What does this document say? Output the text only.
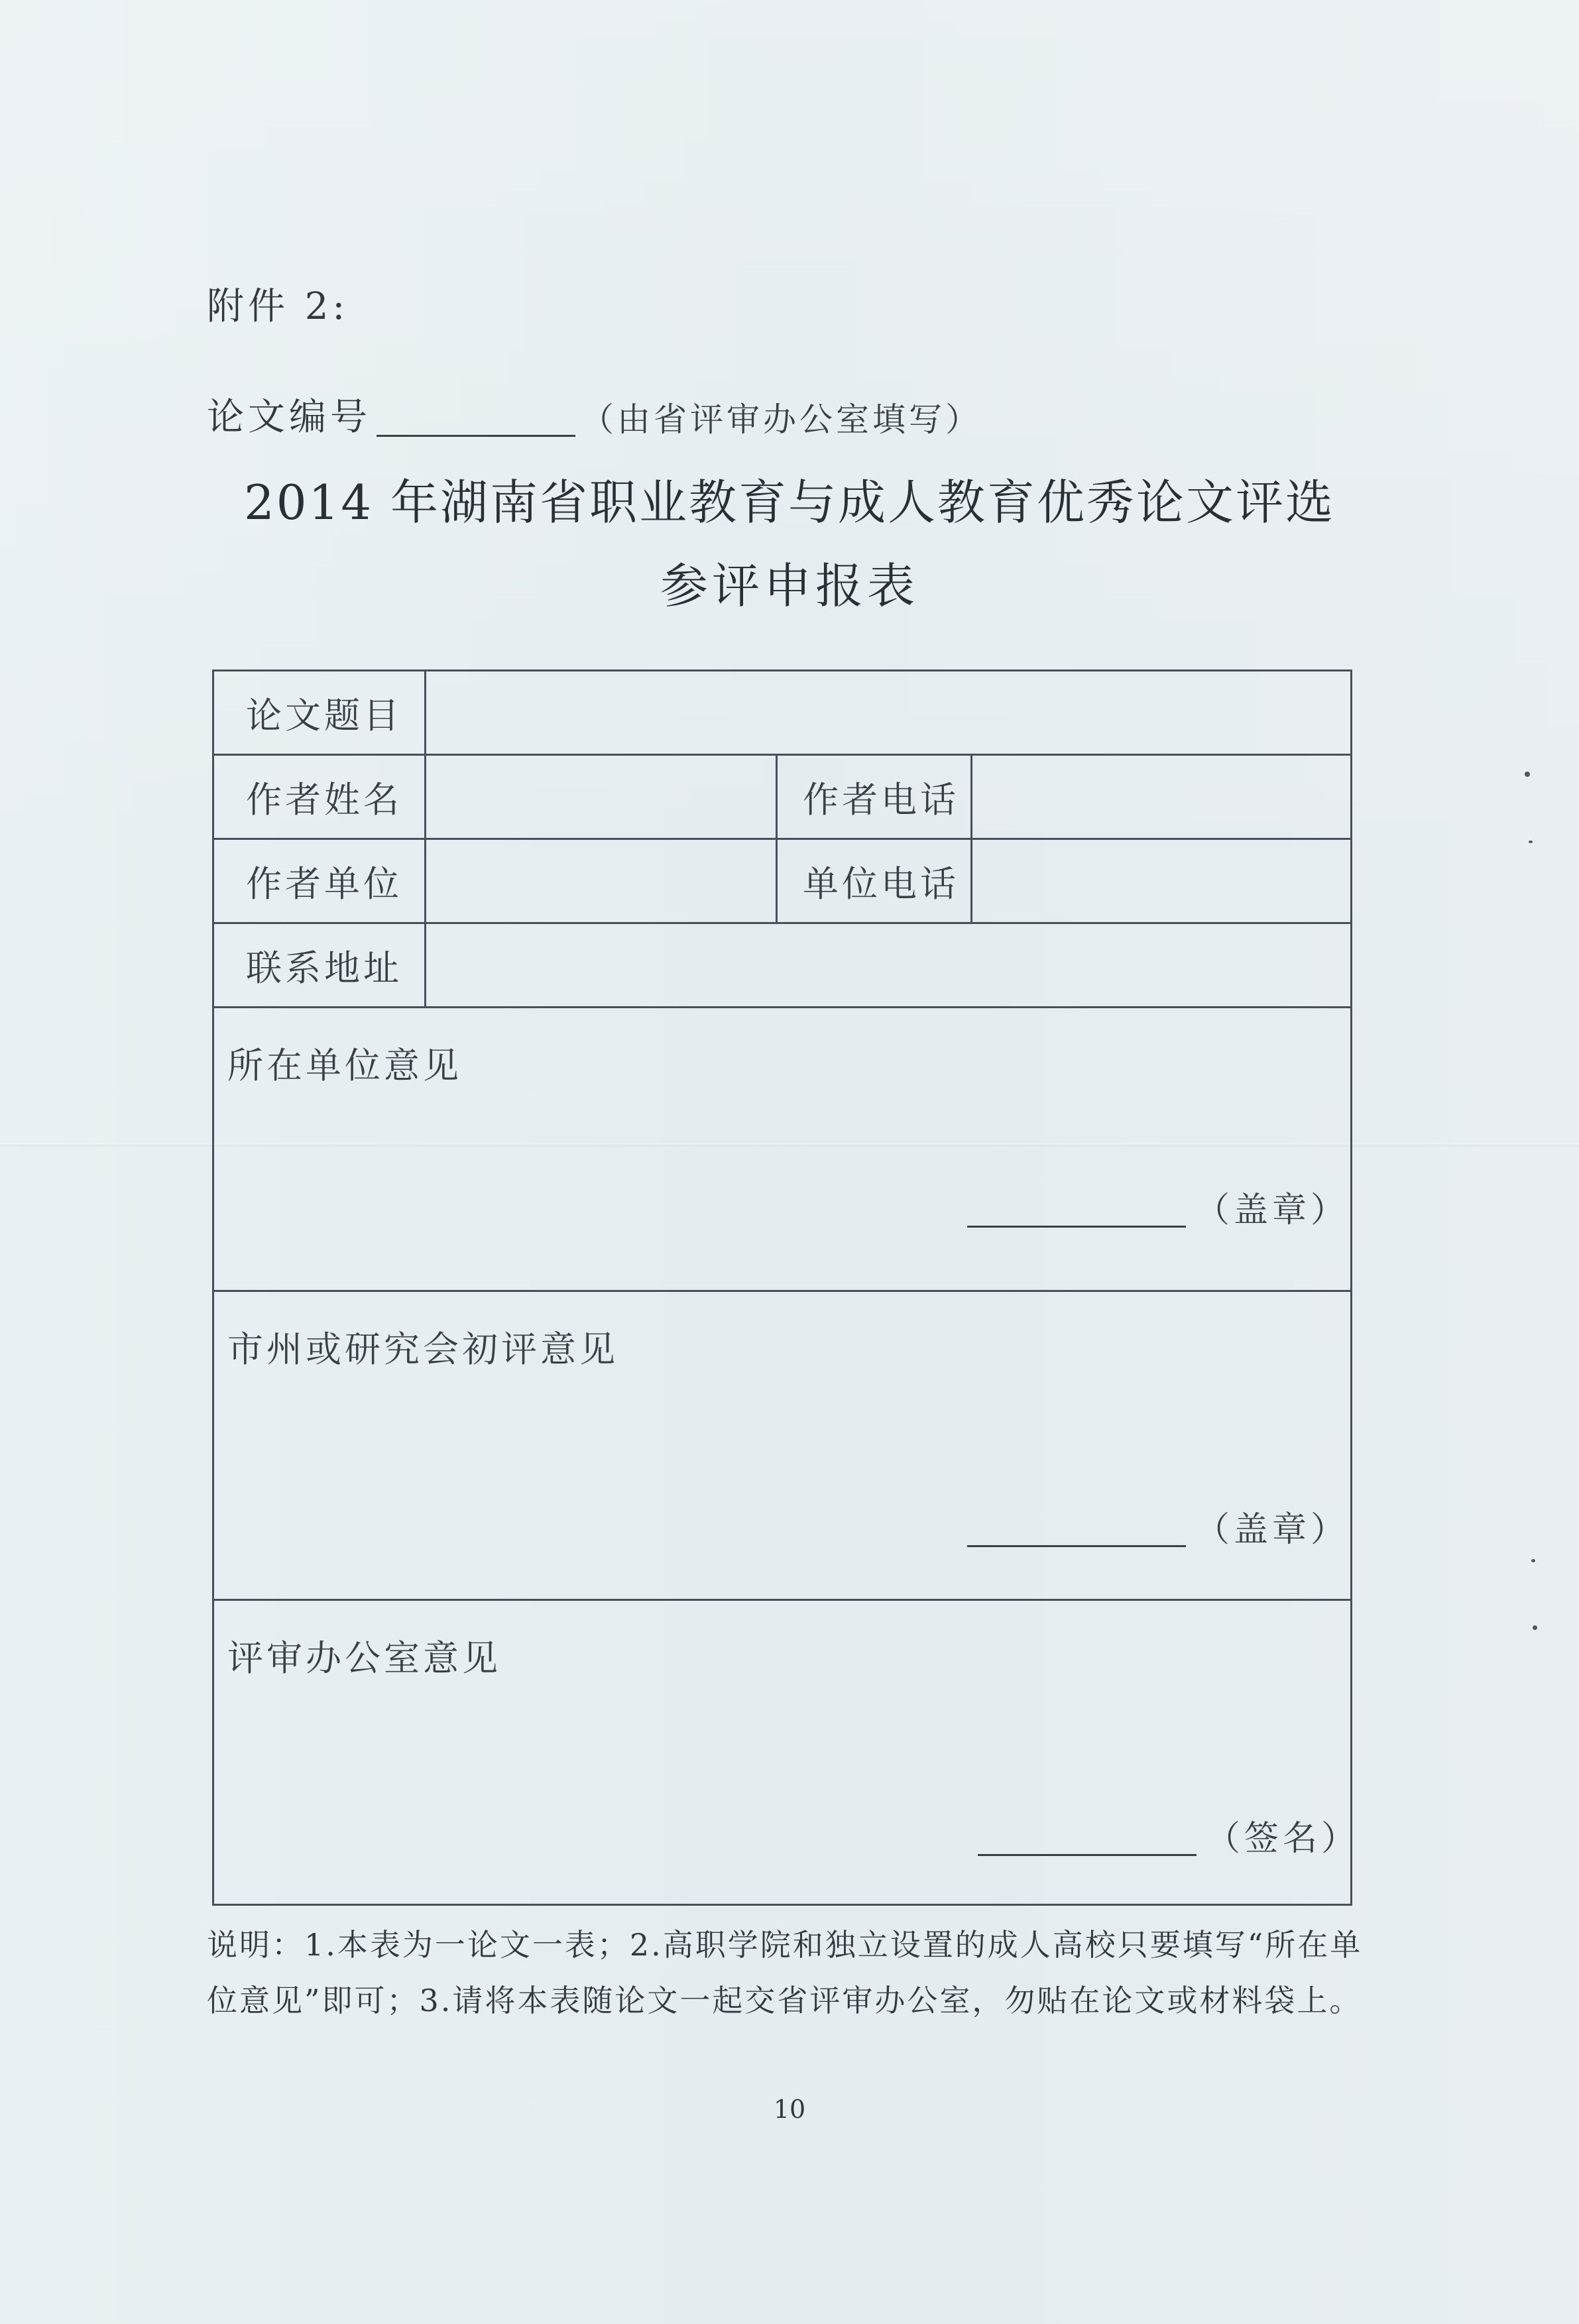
附件 2:
论文编号	（由省评审办公室填写）
2014 年湖南省职业教育与成人教育优秀论文评选
参评申报表
论文题目
作者姓名	作者电话
作者单位	单位电话
联系地址
所在单位意见
（盖章）
市州或研究会初评意见
（盖章）
评审办公室意见
（签名）
说明：1.本表为一论文一表；2.高职学院和独立设置的成人高校只要填写“所在单位意见”即可；3.请将本表随论文一起交省评审办公室，勿贴在论文或材料袋上。
10
